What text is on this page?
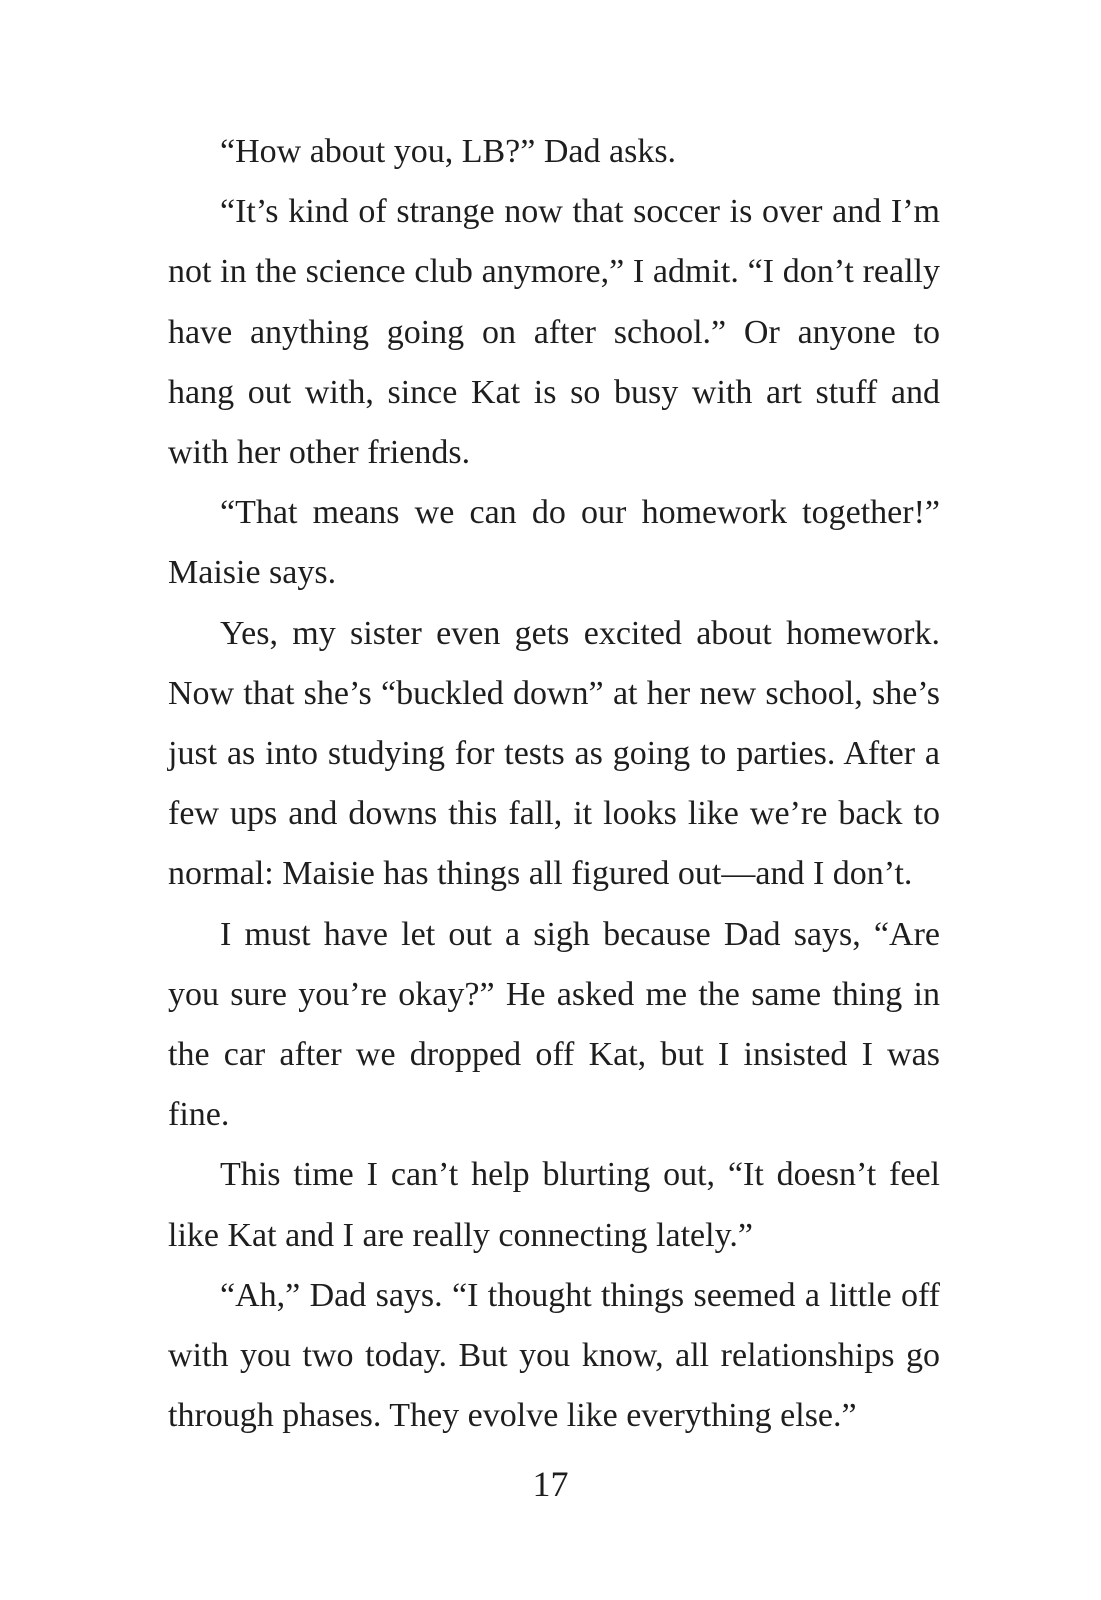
“How about you, LB?” Dad asks.

“It’s kind of strange now that soccer is over and I’m not in the science club anymore,” I admit. “I don’t really have anything going on after school.” Or anyone to hang out with, since Kat is so busy with art stuff and with her other friends.

“That means we can do our homework together!” Maisie says.

Yes, my sister even gets excited about homework. Now that she’s “buckled down” at her new school, she’s just as into studying for tests as going to parties. After a few ups and downs this fall, it looks like we’re back to normal: Maisie has things all figured out—and I don’t.

I must have let out a sigh because Dad says, “Are you sure you’re okay?” He asked me the same thing in the car after we dropped off Kat, but I insisted I was fine.

This time I can’t help blurting out, “It doesn’t feel like Kat and I are really connecting lately.”

“Ah,” Dad says. “I thought things seemed a little off with you two today. But you know, all relationships go through phases. They evolve like everything else.”

17
